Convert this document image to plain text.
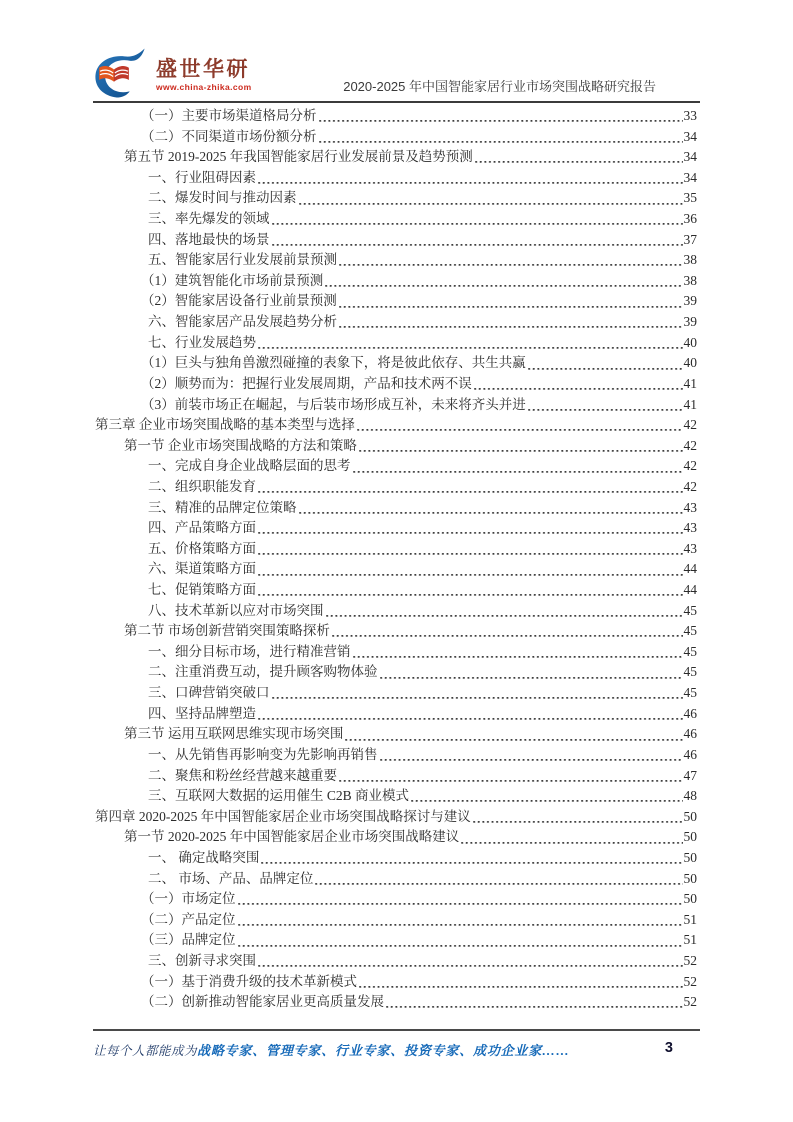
盛世华研
www.china-zhika.com	2020-2025 年中国智能家居行业市场突围战略研究报告
（一）主要市场渠道格局分析	33
（二）不同渠道市场份额分析	34
第五节 2019-2025 年我国智能家居行业发展前景及趋势预测	34
一、行业阻碍因素	34
二、爆发时间与推动因素	35
三、率先爆发的领域	36
四、落地最快的场景	37
五、智能家居行业发展前景预测	38
（1）建筑智能化市场前景预测	38
（2）智能家居设备行业前景预测	39
六、智能家居产品发展趋势分析	39
七、行业发展趋势	40
（1）巨头与独角兽激烈碰撞的表象下，将是彼此依存、共生共赢	40
（2）顺势而为：把握行业发展周期，产品和技术两不误	41
（3）前装市场正在崛起，与后装市场形成互补，未来将齐头并进	41
第三章 企业市场突围战略的基本类型与选择	42
第一节 企业市场突围战略的方法和策略	42
一、完成自身企业战略层面的思考	42
二、组织职能发育	42
三、精准的品牌定位策略	43
四、产品策略方面	43
五、价格策略方面	43
六、渠道策略方面	44
七、促销策略方面	44
八、技术革新以应对市场突围	45
第二节 市场创新营销突围策略探析	45
一、细分目标市场，进行精准营销	45
二、注重消费互动，提升顾客购物体验	45
三、口碑营销突破口	45
四、坚持品牌塑造	46
第三节 运用互联网思维实现市场突围	46
一、从先销售再影响变为先影响再销售	46
二、聚焦和粉丝经营越来越重要	47
三、互联网大数据的运用催生 C2B 商业模式	48
第四章 2020-2025 年中国智能家居企业市场突围战略探讨与建议	50
第一节 2020-2025 年中国智能家居企业市场突围战略建议	50
一、 确定战略突围	50
二、 市场、产品、品牌定位	50
（一）市场定位	50
（二）产品定位	51
（三）品牌定位	51
三、创新寻求突围	52
（一）基于消费升级的技术革新模式	52
（二）创新推动智能家居业更高质量发展	52
让每个人都能成为战略专家、管理专家、行业专家、投资专家、成功企业家……	3
